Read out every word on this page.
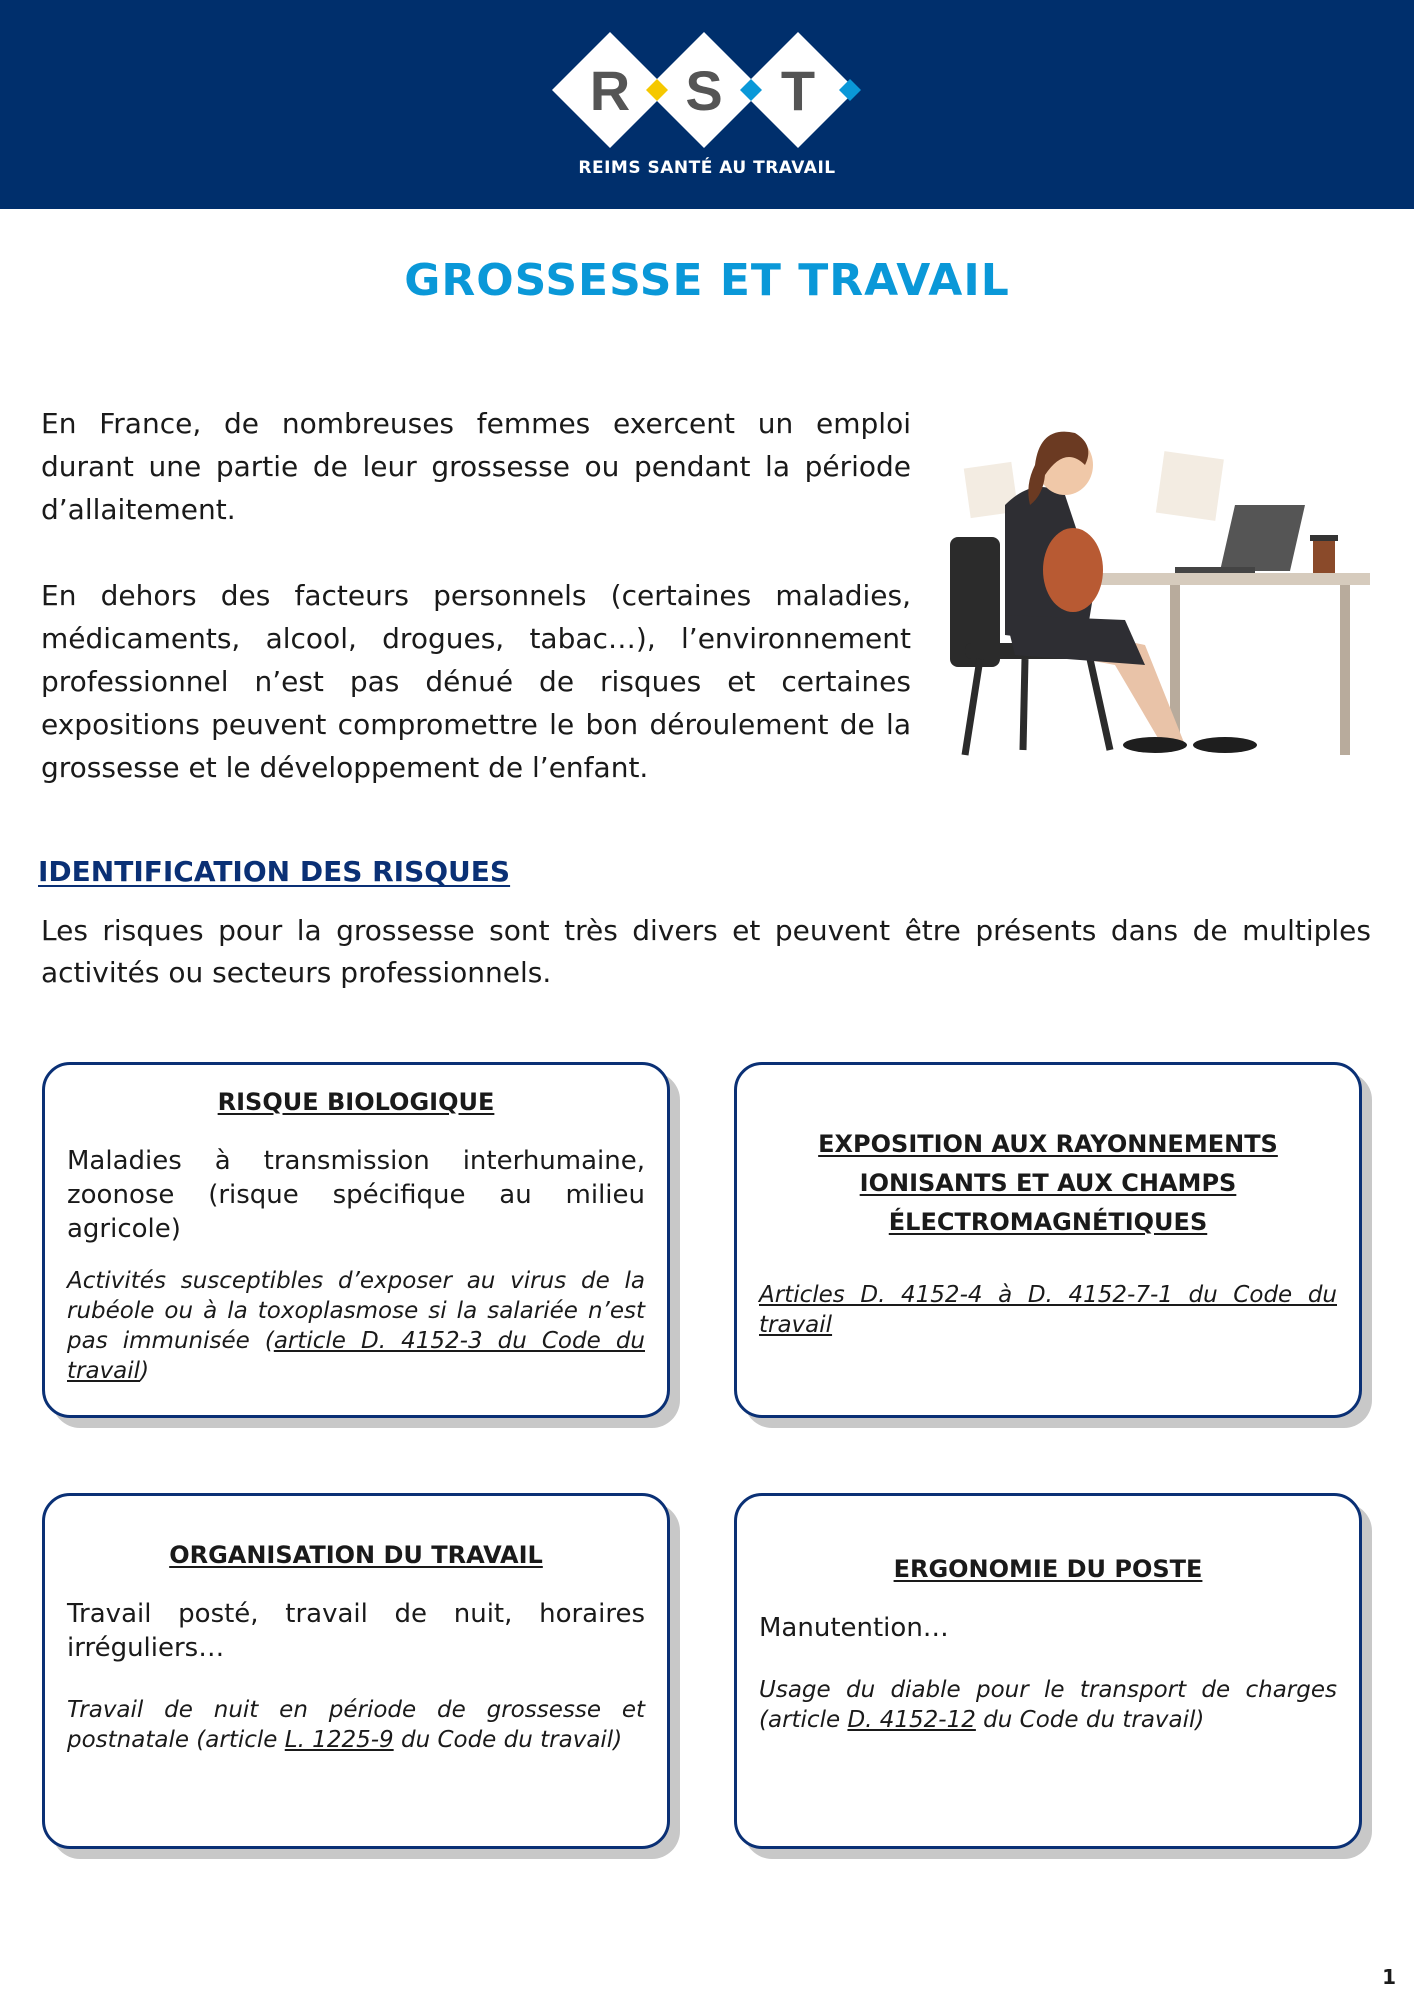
R S T
REIMS SANTÉ AU TRAVAIL
GROSSESSE ET TRAVAIL

En France, de nombreuses femmes exercent un emploi durant une partie de leur grossesse ou pendant la période d’allaitement.

En dehors des facteurs personnels (certaines maladies, médicaments, alcool, drogues, tabac…), l’environnement professionnel n’est pas dénué de risques et certaines expositions peuvent compromettre le bon déroulement de la grossesse et le développement de l’enfant.

IDENTIFICATION DES RISQUES

Les risques pour la grossesse sont très divers et peuvent être présents dans de multiples activités ou secteurs professionnels.

RISQUE BIOLOGIQUE

Maladies à transmission interhumaine, zoonose (risque spécifique au milieu agricole)

Activités susceptibles d’exposer au virus de la rubéole ou à la toxoplasmose si la salariée n’est pas immunisée (article D. 4152-3 du Code du travail)

EXPOSITION AUX RAYONNEMENTS IONISANTS ET AUX CHAMPS ÉLECTROMAGNÉTIQUES

Articles D. 4152-4 à D. 4152-7-1 du Code du travail

ORGANISATION DU TRAVAIL

Travail posté, travail de nuit, horaires irréguliers…

Travail de nuit en période de grossesse et postnatale (article L. 1225-9 du Code du travail)

ERGONOMIE DU POSTE

Manutention…

Usage du diable pour le transport de charges (article D. 4152-12 du Code du travail)

1
